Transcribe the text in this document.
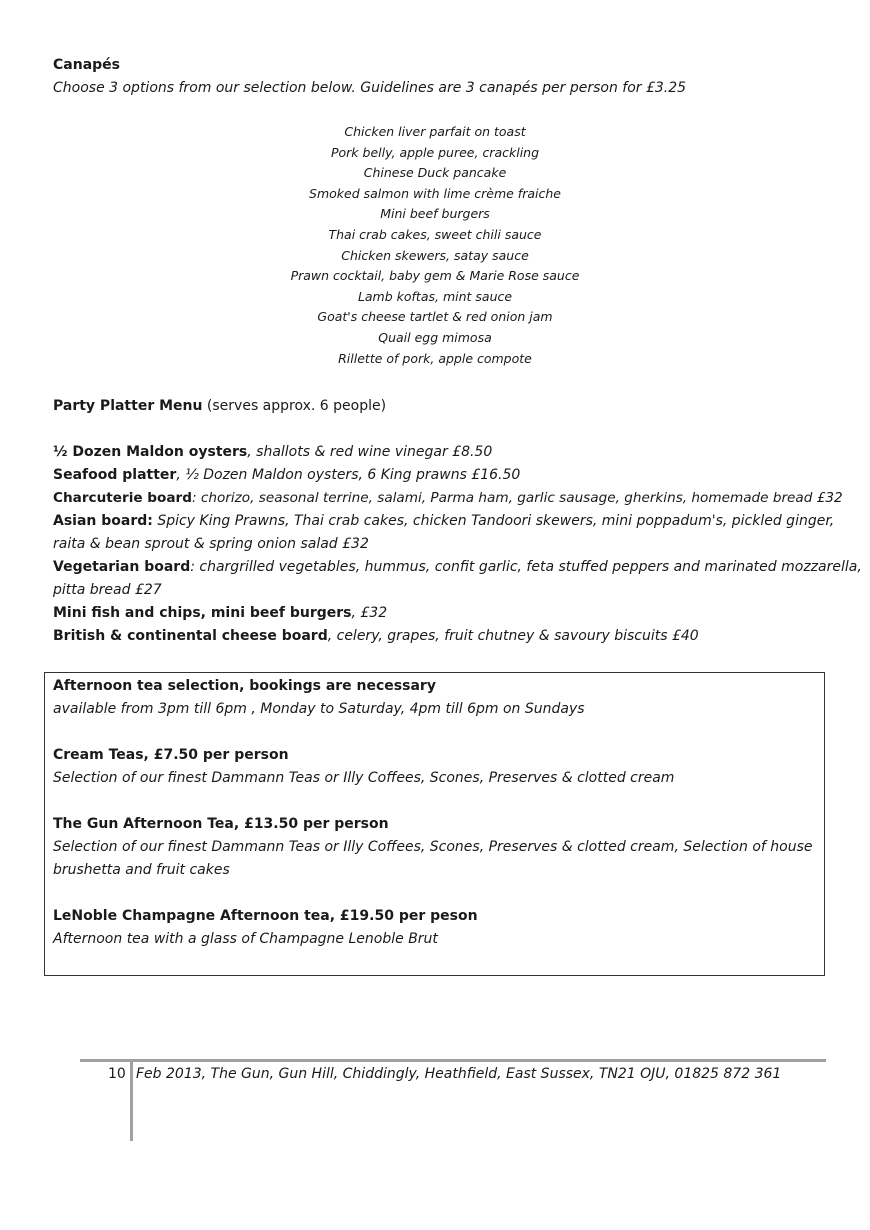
Canapés
Choose 3 options from our selection below. Guidelines are 3 canapés per person for £3.25
Chicken liver parfait on toast
Pork belly, apple puree, crackling
Chinese Duck pancake
Smoked salmon with lime crème fraiche
Mini beef burgers
Thai crab cakes, sweet chili sauce
Chicken skewers, satay sauce
Prawn cocktail, baby gem & Marie Rose sauce
Lamb koftas, mint sauce
Goat's cheese tartlet & red onion jam
Quail egg mimosa
Rillette of pork, apple compote
Party Platter Menu (serves approx. 6 people)
½ Dozen Maldon oysters, shallots & red wine vinegar £8.50
Seafood platter, ½ Dozen Maldon oysters, 6 King prawns £16.50
Charcuterie board: chorizo, seasonal terrine, salami, Parma ham, garlic sausage, gherkins, homemade bread £32
Asian board: Spicy King Prawns, Thai crab cakes, chicken Tandoori skewers, mini poppadum's, pickled ginger,
raita & bean sprout & spring onion salad £32
Vegetarian board: chargrilled vegetables, hummus, confit garlic, feta stuffed peppers and marinated mozzarella,
pitta bread £27
Mini fish and chips, mini beef burgers, £32
British & continental cheese board, celery, grapes, fruit chutney & savoury biscuits £40
Afternoon tea selection, bookings are necessary
available from 3pm till 6pm , Monday to Saturday, 4pm till 6pm on Sundays
Cream Teas, £7.50 per person
Selection of our finest Dammann Teas or Illy Coffees, Scones, Preserves & clotted cream
The Gun Afternoon Tea, £13.50 per person
Selection of our finest Dammann Teas or Illy Coffees, Scones, Preserves & clotted cream, Selection of house
brushetta and fruit cakes
LeNoble Champagne Afternoon tea, £19.50 per peson
Afternoon tea with a glass of Champagne Lenoble Brut
10 Feb 2013, The Gun, Gun Hill, Chiddingly, Heathfield, East Sussex, TN21 OJU, 01825 872 361
